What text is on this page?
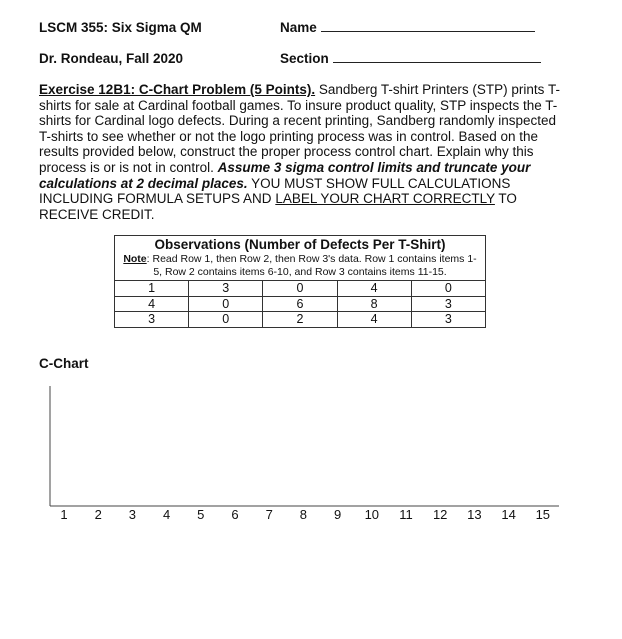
LSCM 355: Six Sigma QM	Name
Dr. Rondeau, Fall 2020	Section
Exercise 12B1: C-Chart Problem (5 Points). Sandberg T-shirt Printers (STP) prints T-shirts for sale at Cardinal football games. To insure product quality, STP inspects the T-shirts for Cardinal logo defects. During a recent printing, Sandberg randomly inspected T-shirts to see whether or not the logo printing process was in control. Based on the results provided below, construct the proper process control chart. Explain why this process is or is not in control. Assume 3 sigma control limits and truncate your calculations at 2 decimal places. YOU MUST SHOW FULL CALCULATIONS INCLUDING FORMULA SETUPS AND LABEL YOUR CHART CORRECTLY TO RECEIVE CREDIT.
Observations (Number of Defects Per T-Shirt)				
Note: Read Row 1, then Row 2, then Row 3's data. Row 1 contains items 1-5, Row 2 contains items 6-10, and Row 3 contains items 11-15.				
1	3	0	4	0
4	0	6	8	3
3	0	2	4	3
C-Chart
1 2 3 4 5 6 7 8 9 10 11 12 13 14 15
